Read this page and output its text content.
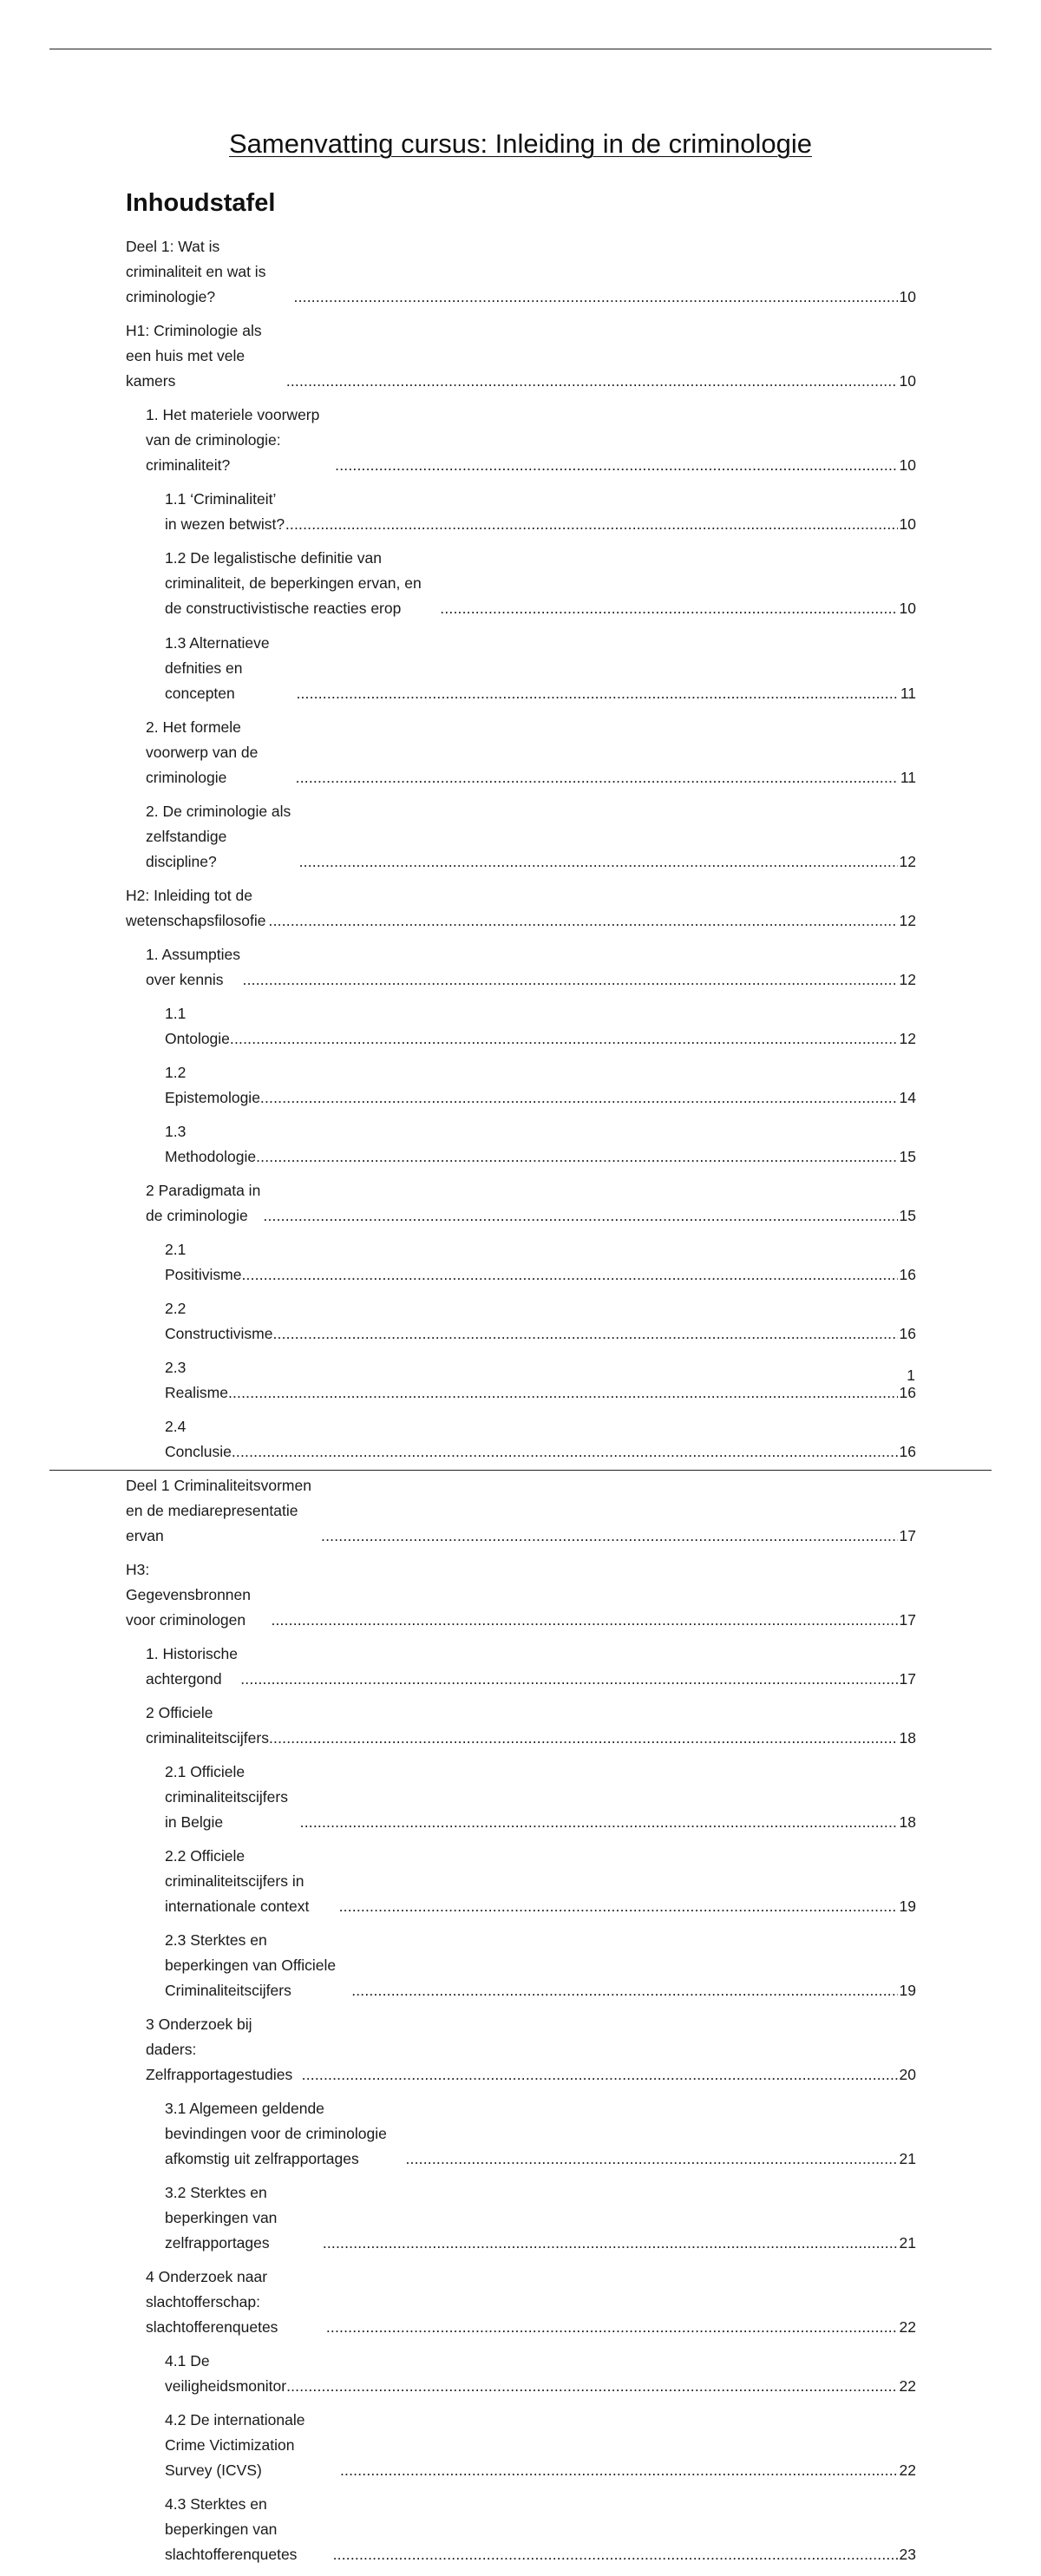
Samenvatting cursus: Inleiding in de criminologie
Inhoudstafel
Deel 1: Wat is criminaliteit en wat is criminologie? .....	10
H1: Criminologie als een huis met vele kamers .....	10
1. Het materiele voorwerp van de criminologie: criminaliteit? .....	10
1.1 ‘Criminaliteit’ in wezen betwist? .....	10
1.2 De legalistische definitie van criminaliteit, de beperkingen ervan, en de constructivistische reacties erop .....	10
1.3 Alternatieve defnities en concepten .....	11
2. Het formele voorwerp van de criminologie .....	11
2. De criminologie als zelfstandige discipline? .....	12
H2: Inleiding tot de wetenschapsfilosofie .....	12
1. Assumpties over kennis .....	12
1.1 Ontologie .....	12
1.2 Epistemologie .....	14
1.3 Methodologie .....	15
2 Paradigmata in de criminologie .....	15
2.1 Positivisme .....	16
2.2 Constructivisme .....	16
2.3 Realisme .....	16
2.4 Conclusie .....	16
Deel 1 Criminaliteitsvormen en de mediarepresentatie ervan .....	17
H3: Gegevensbronnen voor criminologen .....	17
1. Historische achtergond .....	17
2 Officiele criminaliteitscijfers .....	18
2.1 Officiele criminaliteitscijfers in Belgie .....	18
2.2 Officiele criminaliteitscijfers in internationale context .....	19
2.3 Sterktes en beperkingen van Officiele Criminaliteitscijfers .....	19
3 Onderzoek bij daders: Zelfrapportagestudies .....	20
3.1 Algemeen geldende bevindingen voor de criminologie afkomstig uit zelfrapportages .....	21
3.2 Sterktes en beperkingen van zelfrapportages .....	21
4 Onderzoek naar slachtofferschap: slachtofferenquetes .....	22
4.1 De veiligheidsmonitor .....	22
4.2 De internationale Crime Victimization Survey (ICVS) .....	22
4.3 Sterktes en beperkingen van slachtofferenquetes .....	23
1
